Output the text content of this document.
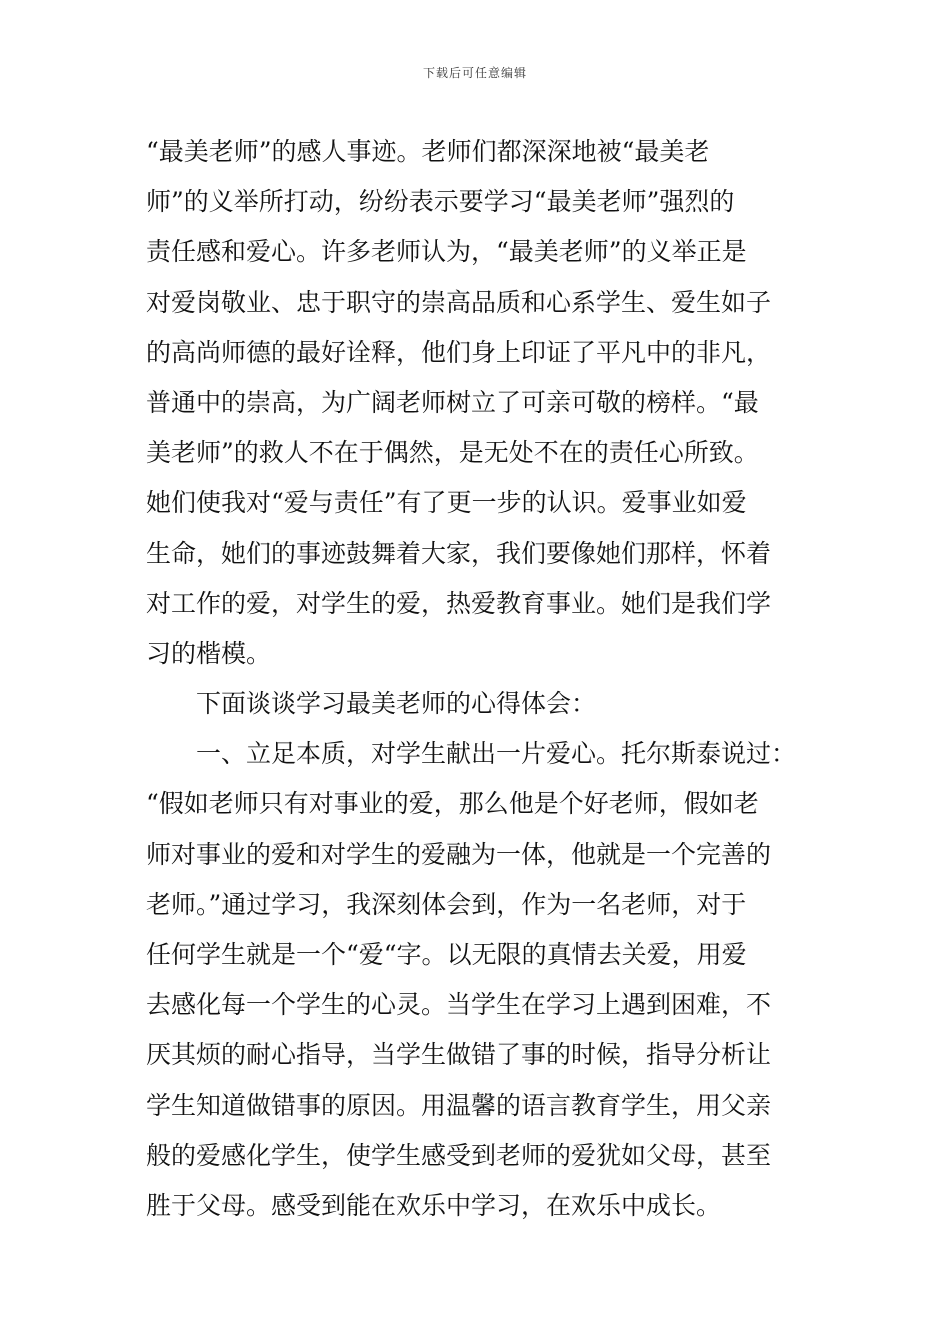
下载后可任意编辑
“最美老师”的感人事迹。老师们都深深地被“最美老
师”的义举所打动，纷纷表示要学习“最美老师”强烈的
责任感和爱心。许多老师认为，“最美老师”的义举正是
对爱岗敬业、忠于职守的崇高品质和心系学生、爱生如子
的高尚师德的最好诠释，他们身上印证了平凡中的非凡，
普通中的崇高，为广阔老师树立了可亲可敬的榜样。“最
美老师”的救人不在于偶然，是无处不在的责任心所致。
她们使我对“爱与责任”有了更一步的认识。爱事业如爱
生命，她们的事迹鼓舞着大家，我们要像她们那样，怀着
对工作的爱，对学生的爱，热爱教育事业。她们是我们学
习的楷模。
下面谈谈学习最美老师的心得体会：
一、立足本质，对学生献出一片爱心。托尔斯泰说过：
“假如老师只有对事业的爱，那么他是个好老师，假如老
师对事业的爱和对学生的爱融为一体，他就是一个完善的
老师。”通过学习，我深刻体会到，作为一名老师，对于
任何学生就是一个“爱“字。以无限的真情去关爱，用爱
去感化每一个学生的心灵。当学生在学习上遇到困难，不
厌其烦的耐心指导，当学生做错了事的时候，指导分析让
学生知道做错事的原因。用温馨的语言教育学生，用父亲
般的爱感化学生，使学生感受到老师的爱犹如父母，甚至
胜于父母。感受到能在欢乐中学习，在欢乐中成长。
